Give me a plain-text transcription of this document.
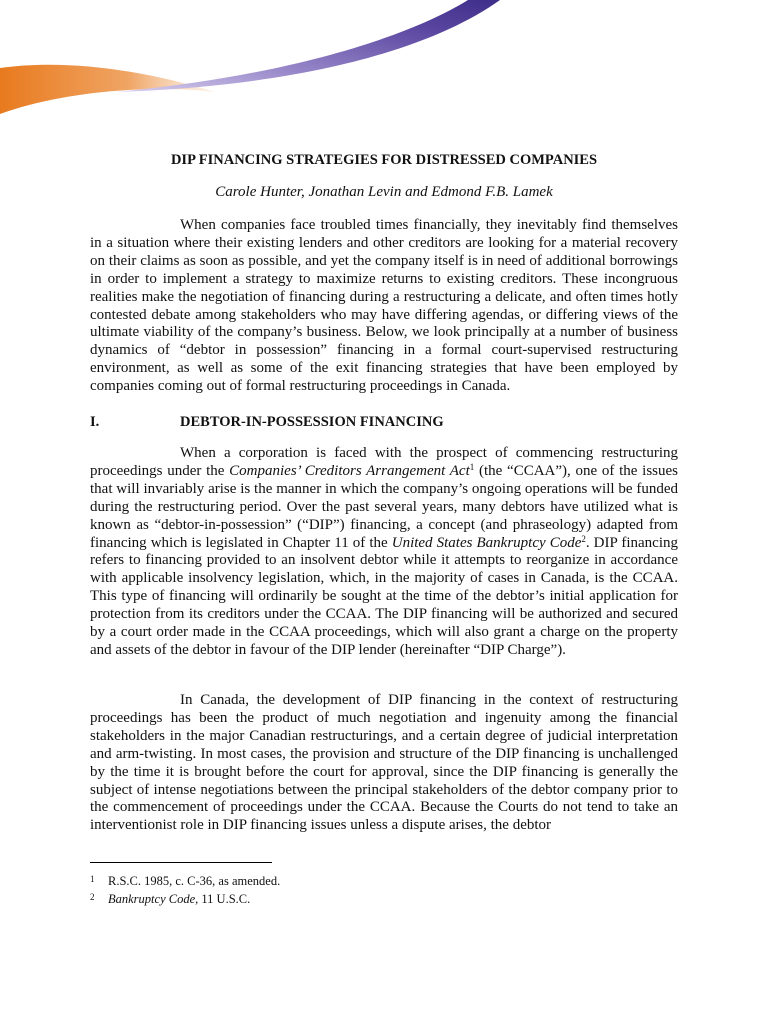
DIP FINANCING STRATEGIES FOR DISTRESSED COMPANIES
Carole Hunter, Jonathan Levin and Edmond F.B. Lamek

When companies face troubled times financially, they inevitably find themselves in a situation where their existing lenders and other creditors are looking for a material recovery on their claims as soon as possible, and yet the company itself is in need of additional borrowings in order to implement a strategy to maximize returns to existing creditors. These incongruous realities make the negotiation of financing during a restructuring a delicate, and often times hotly contested debate among stakeholders who may have differing agendas, or differing views of the ultimate viability of the company’s business. Below, we look principally at a number of business dynamics of “debtor in possession” financing in a formal court-supervised restructuring environment, as well as some of the exit financing strategies that have been employed by companies coming out of formal restructuring proceedings in Canada.

I.	DEBTOR-IN-POSSESSION FINANCING

When a corporation is faced with the prospect of commencing restructuring proceedings under the Companies’ Creditors Arrangement Act$^1$ (the “CCAA”), one of the issues that will invariably arise is the manner in which the company’s ongoing operations will be funded during the restructuring period. Over the past several years, many debtors have utilized what is known as “debtor-in-possession” (“DIP”) financing, a concept (and phraseology) adapted from financing which is legislated in Chapter 11 of the United States Bankruptcy Code$^2$. DIP financing refers to financing provided to an insolvent debtor while it attempts to reorganize in accordance with applicable insolvency legislation, which, in the majority of cases in Canada, is the CCAA. This type of financing will ordinarily be sought at the time of the debtor’s initial application for protection from its creditors under the CCAA. The DIP financing will be authorized and secured by a court order made in the CCAA proceedings, which will also grant a charge on the property and assets of the debtor in favour of the DIP lender (hereinafter “DIP Charge”).

In Canada, the development of DIP financing in the context of restructuring proceedings has been the product of much negotiation and ingenuity among the financial stakeholders in the major Canadian restructurings, and a certain degree of judicial interpretation and arm-twisting. In most cases, the provision and structure of the DIP financing is unchallenged by the time it is brought before the court for approval, since the DIP financing is generally the subject of intense negotiations between the principal stakeholders of the debtor company prior to the commencement of proceedings under the CCAA. Because the Courts do not tend to take an interventionist role in DIP financing issues unless a dispute arises, the debtor

1 R.S.C. 1985, c. C-36, as amended.
2 Bankruptcy Code, 11 U.S.C.
